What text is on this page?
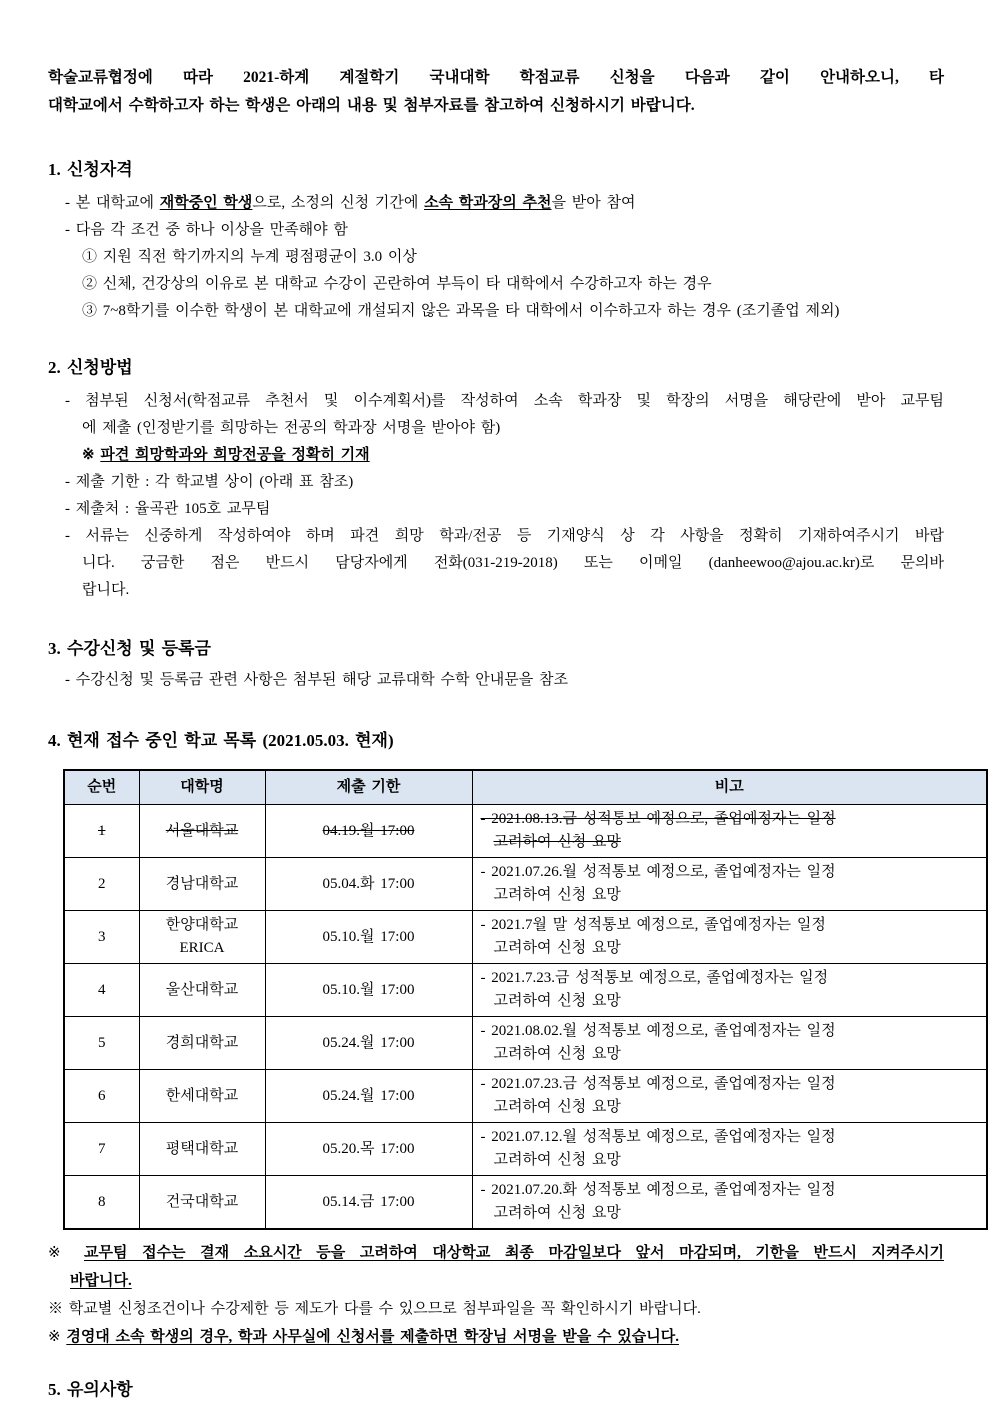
학술교류협정에 따라 2021-하계 계절학기 국내대학 학점교류 신청을 다음과 같이 안내하오니, 타
대학교에서 수학하고자 하는 학생은 아래의 내용 및 첨부자료를 참고하여 신청하시기 바랍니다.
1. 신청자격
- 본 대학교에 재학중인 학생으로, 소정의 신청 기간에 소속 학과장의 추천을 받아 참여
- 다음 각 조건 중 하나 이상을 만족해야 함
① 지원 직전 학기까지의 누계 평점평균이 3.0 이상
② 신체, 건강상의 이유로 본 대학교 수강이 곤란하여 부득이 타 대학에서 수강하고자 하는 경우
③ 7~8학기를 이수한 학생이 본 대학교에 개설되지 않은 과목을 타 대학에서 이수하고자 하는 경우 (조기졸업 제외)
2. 신청방법
- 첨부된 신청서(학점교류 추천서 및 이수계획서)를 작성하여 소속 학과장 및 학장의 서명을 해당란에 받아 교무팀
에 제출 (인정받기를 희망하는 전공의 학과장 서명을 받아야 함)
※ 파견 희망학과와 희망전공을 정확히 기재
- 제출 기한 : 각 학교별 상이 (아래 표 참조)
- 제출처 : 율곡관 105호 교무팀
- 서류는 신중하게 작성하여야 하며 파견 희망 학과/전공 등 기재양식 상 각 사항을 정확히 기재하여주시기 바랍
니다. 궁금한 점은 반드시 담당자에게 전화(031-219-2018) 또는 이메일 (danheewoo@ajou.ac.kr)로 문의바
랍니다.
3. 수강신청 및 등록금
- 수강신청 및 등록금 관련 사항은 첨부된 해당 교류대학 수학 안내문을 참조
4. 현재 접수 중인 학교 목록 (2021.05.03. 현재)
순번	대학명	제출 기한	비고
1	서울대학교	04.19.월 17:00	- 2021.08.13.금 성적통보 예정으로, 졸업예정자는 일정
고려하여 신청 요망

2	경남대학교	05.04.화 17:00	- 2021.07.26.월 성적통보 예정으로, 졸업예정자는 일정
고려하여 신청 요망

3	한양대학교 ERICA	05.10.월 17:00	- 2021.7월 말 성적통보 예정으로, 졸업예정자는 일정
고려하여 신청 요망

4	울산대학교	05.10.월 17:00	- 2021.7.23.금 성적통보 예정으로, 졸업예정자는 일정
고려하여 신청 요망

5	경희대학교	05.24.월 17:00	- 2021.08.02.월 성적통보 예정으로, 졸업예정자는 일정
고려하여 신청 요망

6	한세대학교	05.24.월 17:00	- 2021.07.23.금 성적통보 예정으로, 졸업예정자는 일정
고려하여 신청 요망

7	평택대학교	05.20.목 17:00	- 2021.07.12.월 성적통보 예정으로, 졸업예정자는 일정
고려하여 신청 요망

8	건국대학교	05.14.금 17:00	- 2021.07.20.화 성적통보 예정으로, 졸업예정자는 일정
고려하여 신청 요망
※ 교무팀 접수는 결재 소요시간 등을 고려하여 대상학교 최종 마감일보다 앞서 마감되며, 기한을 반드시 지켜주시기
바랍니다.
※ 학교별 신청조건이나 수강제한 등 제도가 다를 수 있으므로 첨부파일을 꼭 확인하시기 바랍니다.
※ 경영대 소속 학생의 경우, 학과 사무실에 신청서를 제출하면 학장님 서명을 받을 수 있습니다.
5. 유의사항
